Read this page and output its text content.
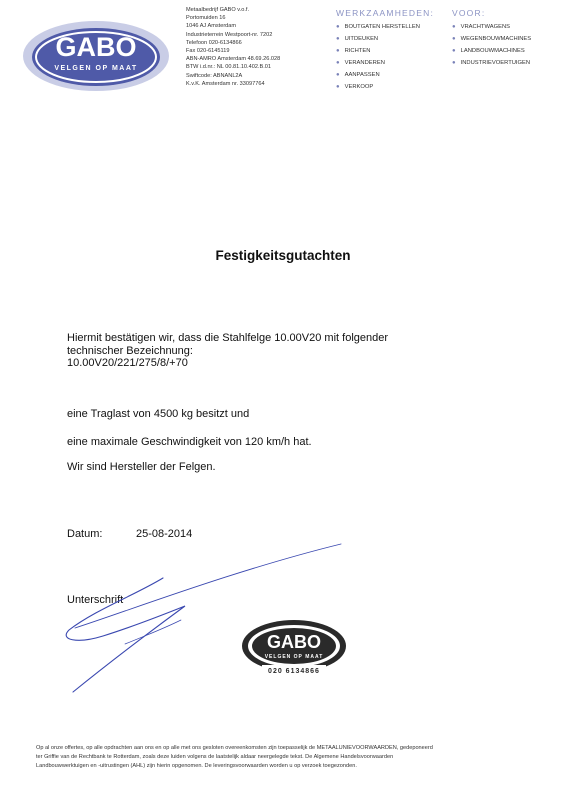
GABO
VELGEN OP MAAT
Metaalbedrijf GABO v.o.f.
Portomuiden 16
1046 AJ Amsterdam
Industrieterrein Westpoort-nr. 7202
Telefoon 020-6134866
Fax 020-6145119
ABN-AMRO Amsterdam 48.69.26.028
BTW i.d.nr.: NL 00.81.10.402.B.01
Swiftcode: ABNANL2A
K.v.K. Amsterdam nr. 33097764
WERKZAAMHEDEN:
● BOUTGATEN HERSTELLEN
● UITDEUKEN
● RICHTEN
● VERANDEREN
● AANPASSEN
● VERKOOP
VOOR:
● VRACHTWAGENS
● WEGENBOUWMACHINES
● LANDBOUWMACHINES
● INDUSTRIEVOERTUIGEN
Festigkeitsgutachten
Hiermit bestätigen wir, dass die Stahlfelge 10.00V20 mit folgender
technischer Bezeichnung:
10.00V20/221/275/8/+70
eine Traglast von 4500 kg besitzt und
eine maximale Geschwindigkeit von 120 km/h hat.
Wir sind Hersteller der Felgen.
Datum:	25-08-2014
Unterschrift
GABO
VELGEN OP MAAT
020 6134866
Op al onze offertes, op alle opdrachten aan ons en op alle met ons gesloten overeenkomsten zijn toepasselijk de METAALUNIEVOORWAARDEN, gedeponeerd
ter Griffie van de Rechtbank te Rotterdam, zoals deze luiden volgens de laatstelijk aldaar neergelegde tekst. De Algemene Handelsvoorwaarden
Landbouwwerktuigen en -uitrustingen (AHL) zijn hierin opgenomen. De leveringsvoorwaarden worden u op verzoek toegezonden.
